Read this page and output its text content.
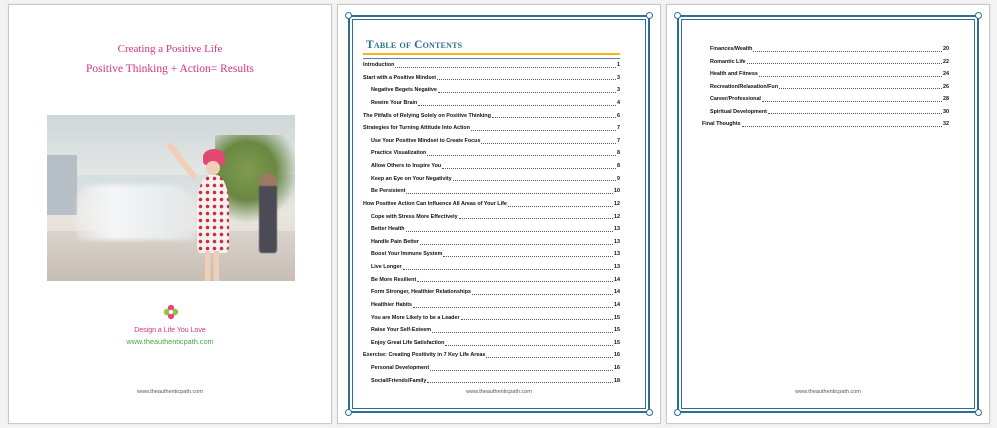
Creating a Positive Life
Positive Thinking + Action= Results
Design a Life You Love
www.theauthenticpath.com
www.theauthenticpath.com
Table of Contents
Introduction	1
Start with a Positive Mindset	3
Negative Begets Negative	3
Rewire Your Brain	4
The Pitfalls of Relying Solely on Positive Thinking	6
Strategies for Turning Attitude Into Action	7
Use Your Positive Mindset to Create Focus	7
Practice Visualization	8
Allow Others to Inspire You	8
Keep an Eye on Your Negativity	9
Be Persistent	10
How Positive Action Can Influence All Areas of Your Life	12
Cope with Stress More Effectively	12
Better Health	13
Handle Pain Better	13
Boost Your Immune System	13
Live Longer	13
Be More Resilient	14
Form Stronger, Healthier Relationships	14
Healthier Habits	14
You are More Likely to be a Leader	15
Raise Your Self-Esteem	15
Enjoy Great Life Satisfaction	15
Exercise: Creating Positivity in 7 Key Life Areas	16
Personal Development	16
Social/Friends/Family	18
www.theauthenticpath.com
Finances/Wealth	20
Romantic Life	22
Health and Fitness	24
Recreation/Relaxation/Fun	26
Career/Professional	28
Spiritual Development	30
Final Thoughts	32
www.theauthenticpath.com
